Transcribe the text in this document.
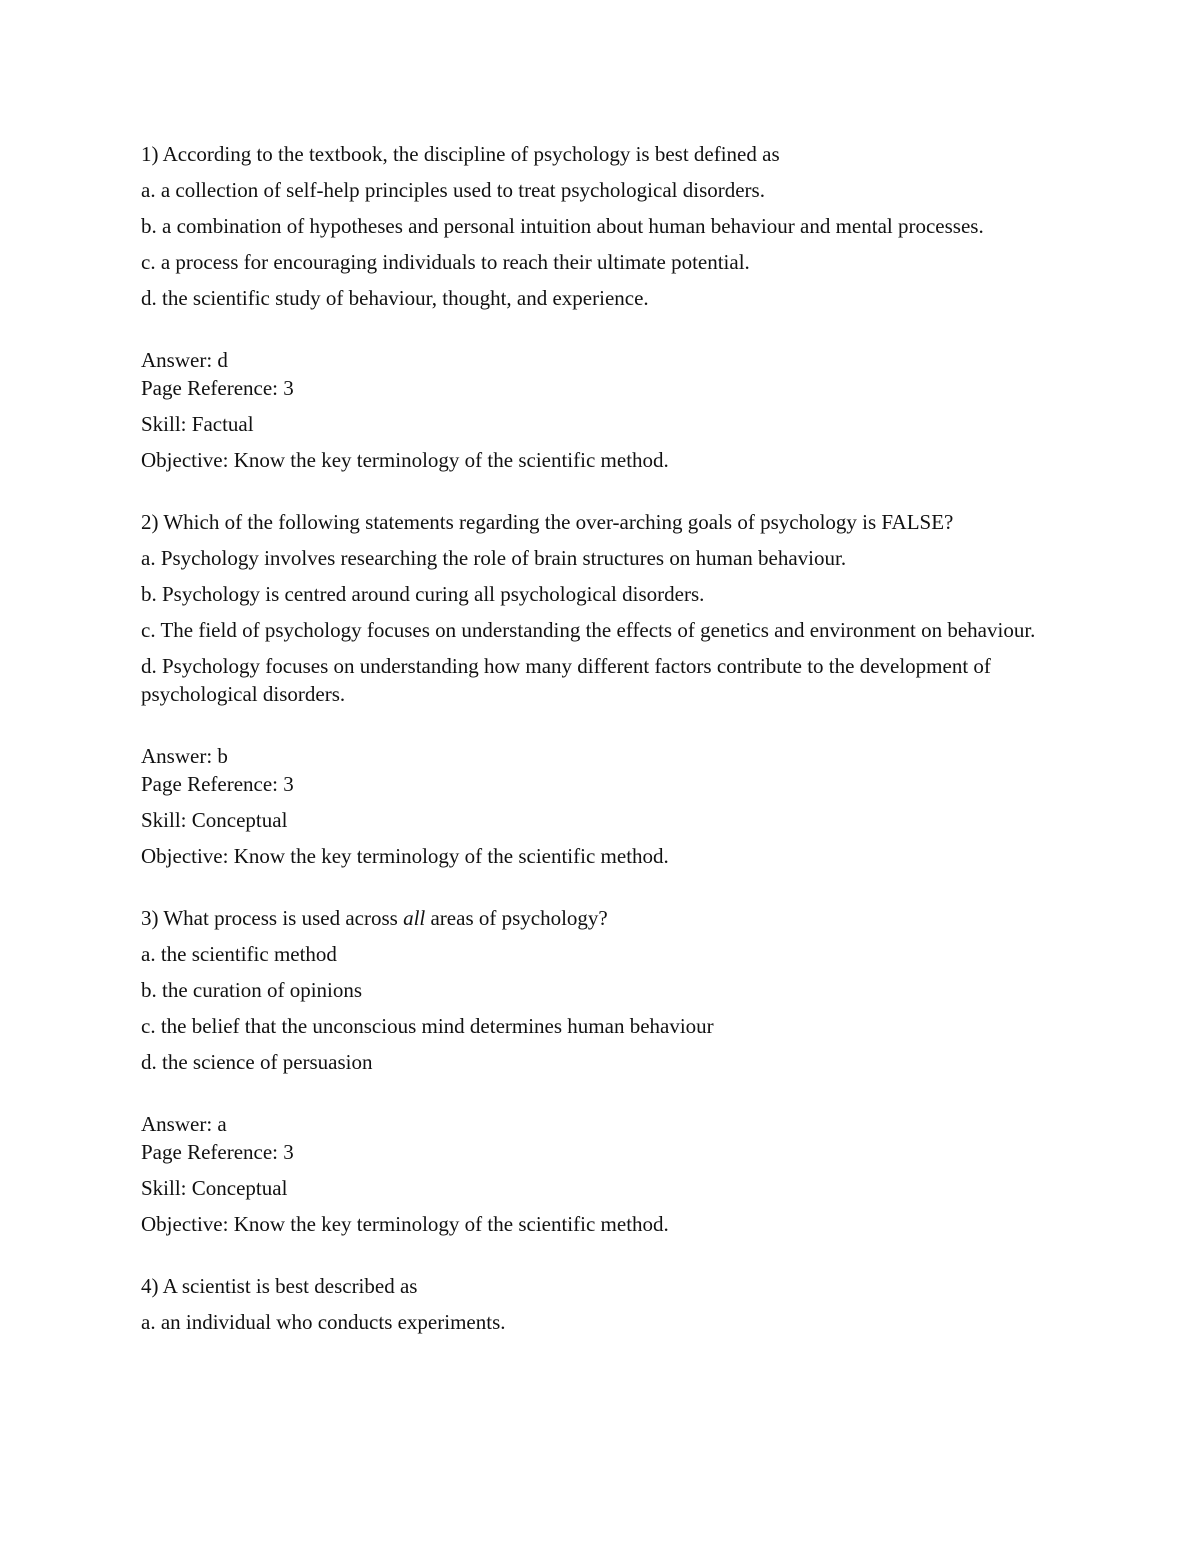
1) According to the textbook, the discipline of psychology is best defined as

a. a collection of self-help principles used to treat psychological disorders.

b. a combination of hypotheses and personal intuition about human behaviour and mental processes.

c. a process for encouraging individuals to reach their ultimate potential.

d. the scientific study of behaviour, thought, and experience.

Answer: d

Page Reference: 3

Skill: Factual

Objective: Know the key terminology of the scientific method.

2) Which of the following statements regarding the over-arching goals of psychology is FALSE?

a. Psychology involves researching the role of brain structures on human behaviour.

b. Psychology is centred around curing all psychological disorders.

c. The field of psychology focuses on understanding the effects of genetics and environment on behaviour.

d. Psychology focuses on understanding how many different factors contribute to the development of psychological disorders.

Answer: b

Page Reference: 3

Skill: Conceptual

Objective: Know the key terminology of the scientific method.

3) What process is used across all areas of psychology?

a. the scientific method

b. the curation of opinions

c. the belief that the unconscious mind determines human behaviour

d. the science of persuasion

Answer: a

Page Reference: 3

Skill: Conceptual

Objective: Know the key terminology of the scientific method.

4) A scientist is best described as

a. an individual who conducts experiments.
